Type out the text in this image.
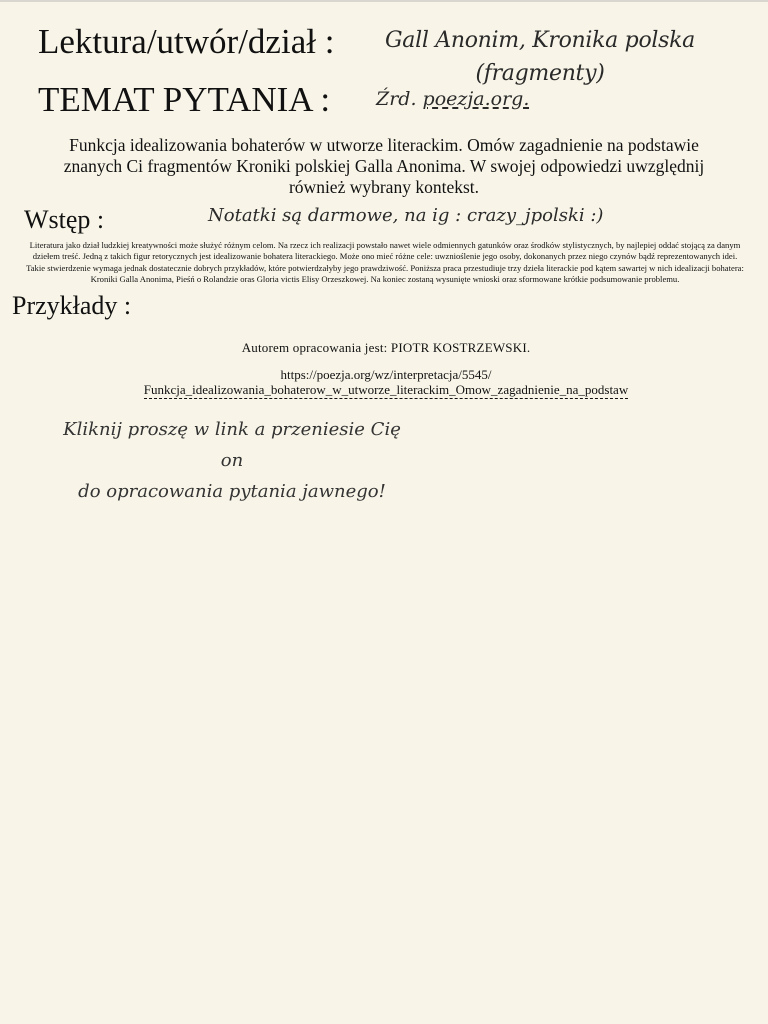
Lektura/utwór/dział : Gall Anonim, Kronika polska
(fragmenty)
TEMAT PYTANIA : Źrd. poezja.org.
Funkcja idealizowania bohaterów w utworze literackim. Omów zagadnienie na podstawie znanych Ci fragmentów Kroniki polskiej Galla Anonima. W swojej odpowiedzi uwzględnij również wybrany kontekst.
Wstęp :	Notatki są darmowe, na ig : crazy_jpolski :)
Literatura jako dział ludzkiej kreatywności może służyć różnym celom. Na rzecz ich realizacji powstało nawet wiele odmiennych gatunków oraz środków stylistycznych, by najlepiej oddać stojącą za danym dziełem treść. Jedną z takich figur retorycznych jest idealizowanie bohatera literackiego. Może ono mieć różne cele: uwznioślenie jego osoby, dokonanych przez niego czynów bądź reprezentowanych idei. Takie stwierdzenie wymaga jednak dostatecznie dobrych przykładów, które potwierdzałyby jego prawdziwość. Poniższa praca przestudiuje trzy dzieła literackie pod kątem sawartej w nich idealizacji bohatera: Kroniki Galla Anonima, Pieśń o Rolandzie oras Gloria victis Elisy Orzeszkowej. Na koniec zostaną wysunięte wnioski oraz sformowane krótkie podsumowanie problemu.
Przykłady :
Autorem opracowania jest: PIOTR KOSTRZEWSKI.
https://poezja.org/wz/interpretacja/5545/
Funkcja_idealizowania_bohaterow_w_utworze_literackim_Omow_zagadnienie_na_podstaw
Kliknij proszę w link a przeniesie Cię on
do opracowania pytania jawnego!
